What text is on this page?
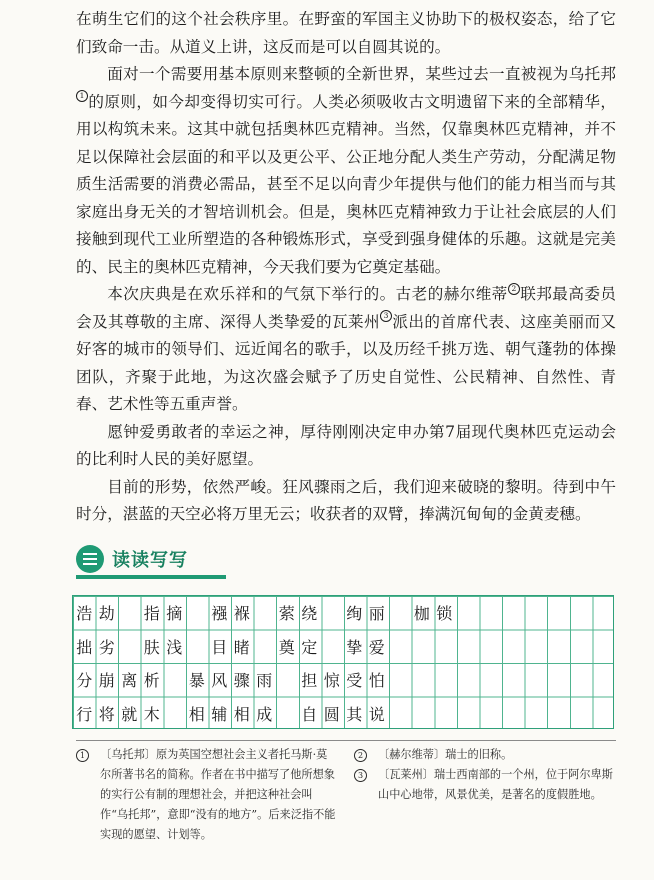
在萌生它们的这个社会秩序里。在野蛮的军国主义协助下的极权姿态，给了它们致命一击。从道义上讲，这反而是可以自圆其说的。

面对一个需要用基本原则来整顿的全新世界，某些过去一直被视为乌托邦$^1$ 的原则，如今却变得切实可行。人类必须吸收古文明遗留下来的全部精华，用以构筑未来。这其中就包括奥林匹克精神。当然，仅靠奥林匹克精神，并不足以保障社会层面的和平以及更公平、公正地分配人类生产劳动，分配满足物质生活需要的消费必需品，甚至不足以向青少年提供与他们的能力相当而与其家庭出身无关的才智培训机会。但是，奥林匹克精神致力于让社会底层的人们接触到现代工业所塑造的各种锻炼形式，享受到强身健体的乐趣。这就是完美的、民主的奥林匹克精神，今天我们要为它奠定基础。

本次庆典是在欢乐祥和的气氛下举行的。古老的赫尔维蒂 $^2$ 联邦最高委员会及其尊敬的主席、深得人类挚爱的瓦莱州 $^3$ 派出的首席代表、这座美丽而又好客的城市的领导们、远近闻名的歌手，以及历经千挑万选、朝气蓬勃的体操团队，齐聚于此地，为这次盛会赋予了历史自觉性、公民精神、自然性、青春、艺术性等五重声誉。

愿钟爱勇敢者的幸运之神，厚待刚刚决定申办第7届现代奥林匹克运动会的比利时人民的美好愿望。

目前的形势，依然严峻。狂风骤雨之后，我们迎来破晓的黎明。待到中午时分，湛蓝的天空必将万里无云；收获者的双臂，捧满沉甸甸的金黄麦穗。

读读写写
浩 劫 指 摘 襁 褓 萦 绕 绚 丽 枷 锁
拙 劣 肤 浅 目 睹 奠 定 挚 爱
分 崩 离 析 暴 风 骤 雨 担 惊 受 怕
行 将 就 木 相 辅 相 成 自 圆 其 说
1	〔乌托邦〕原为英国空想社会主义者托马斯·莫尔所著书名的简称。作者在书中描写了他所想象的实行公有制的理想社会，并把这种社会叫作“乌托邦”，意即“没有的地方”。后来泛指不能实现的愿望、计划等。
2	〔赫尔维蒂〕瑞士的旧称。
3	〔瓦莱州〕瑞士西南部的一个州，位于阿尔卑斯山中心地带，风景优美，是著名的度假胜地。
